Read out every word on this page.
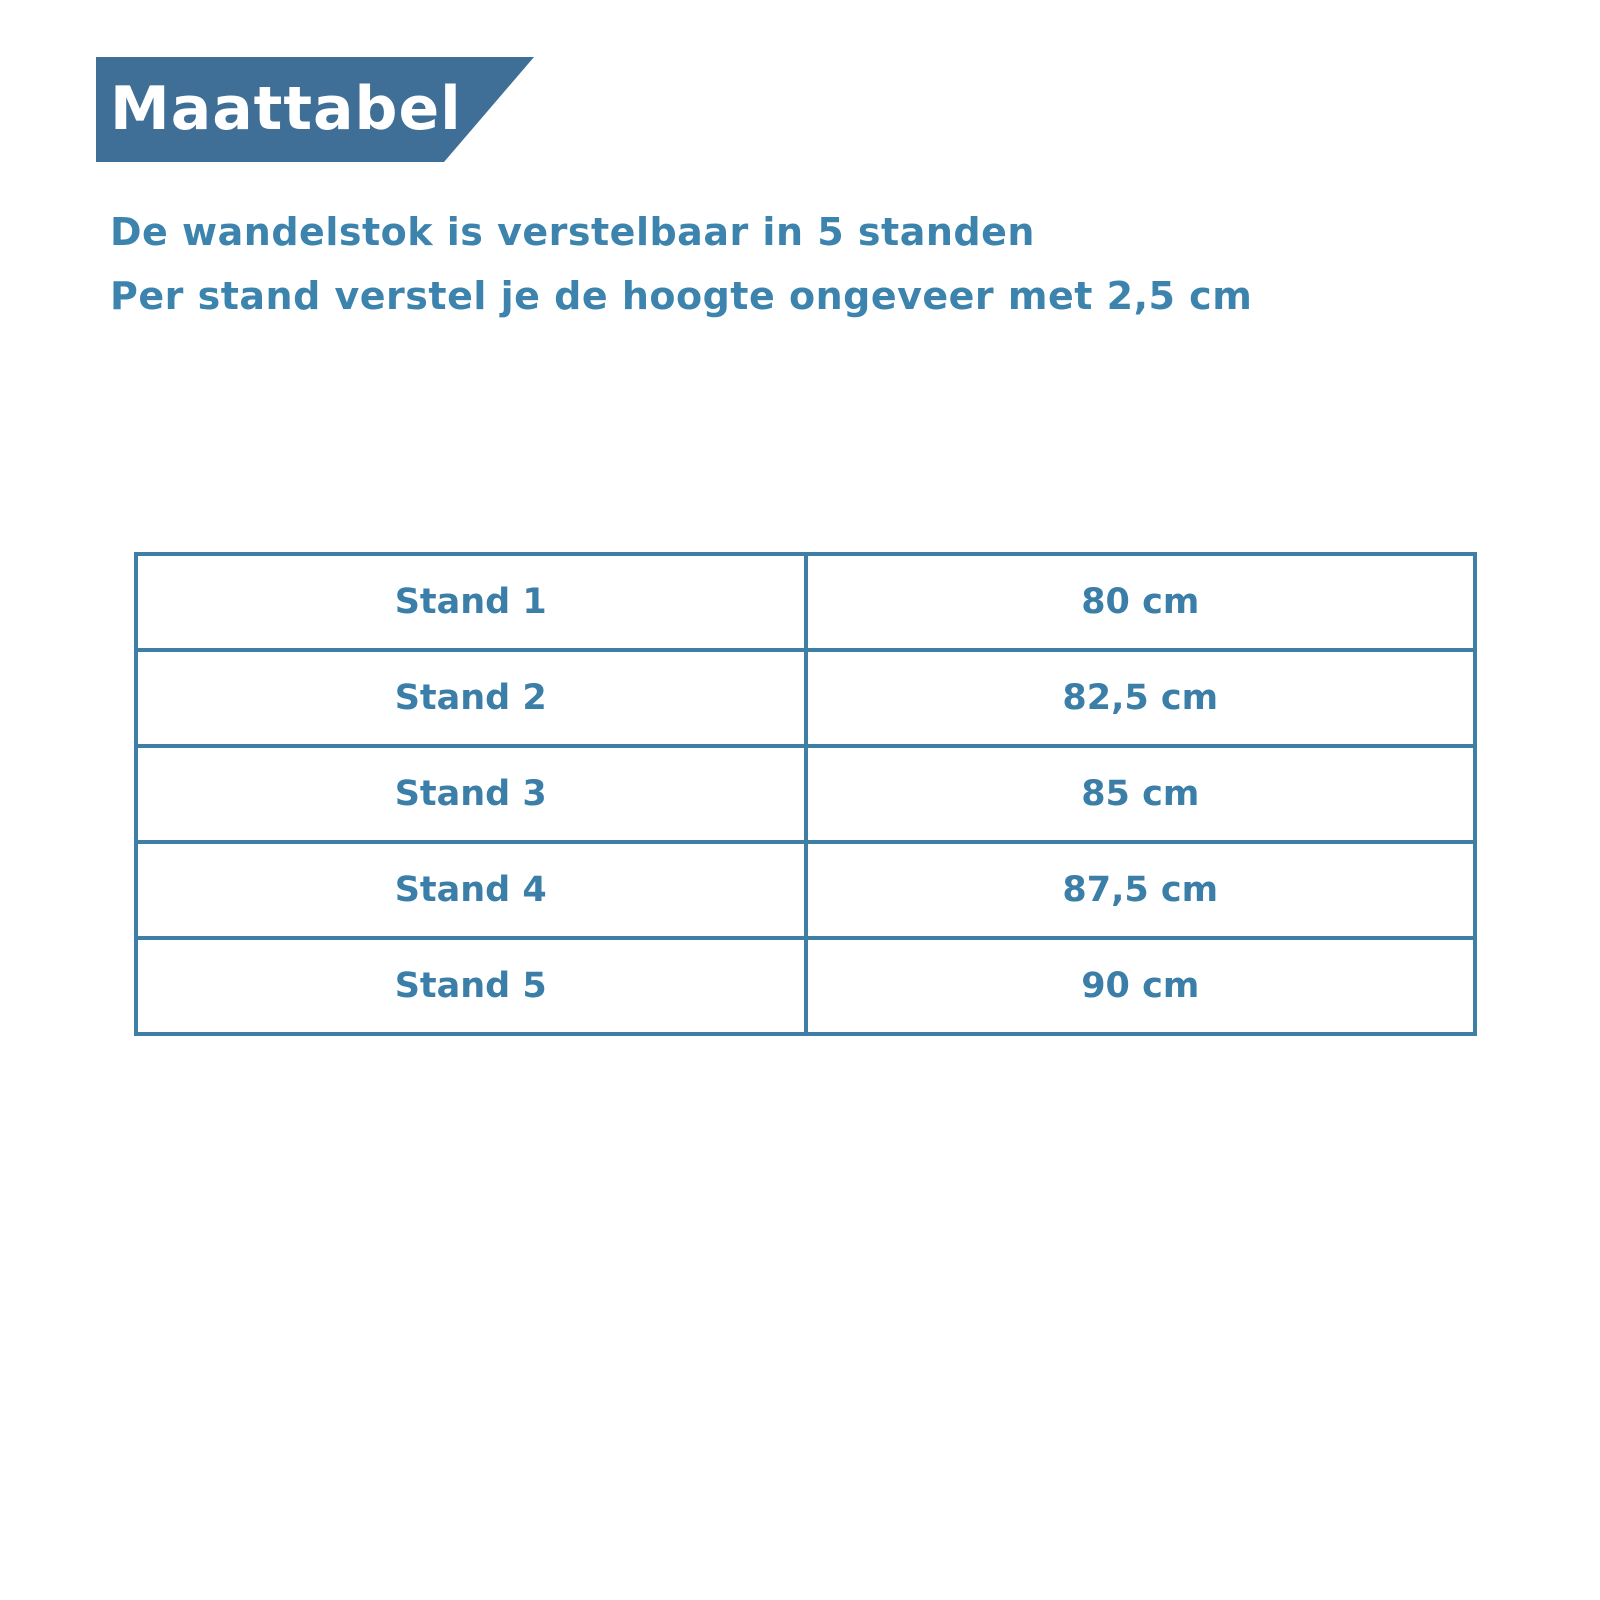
Maattabel
De wandelstok is verstelbaar in 5 standen
Per stand verstel je de hoogte ongeveer met 2,5 cm
Stand 1	80 cm
Stand 2	82,5 cm
Stand 3	85 cm
Stand 4	87,5 cm
Stand 5	90 cm
